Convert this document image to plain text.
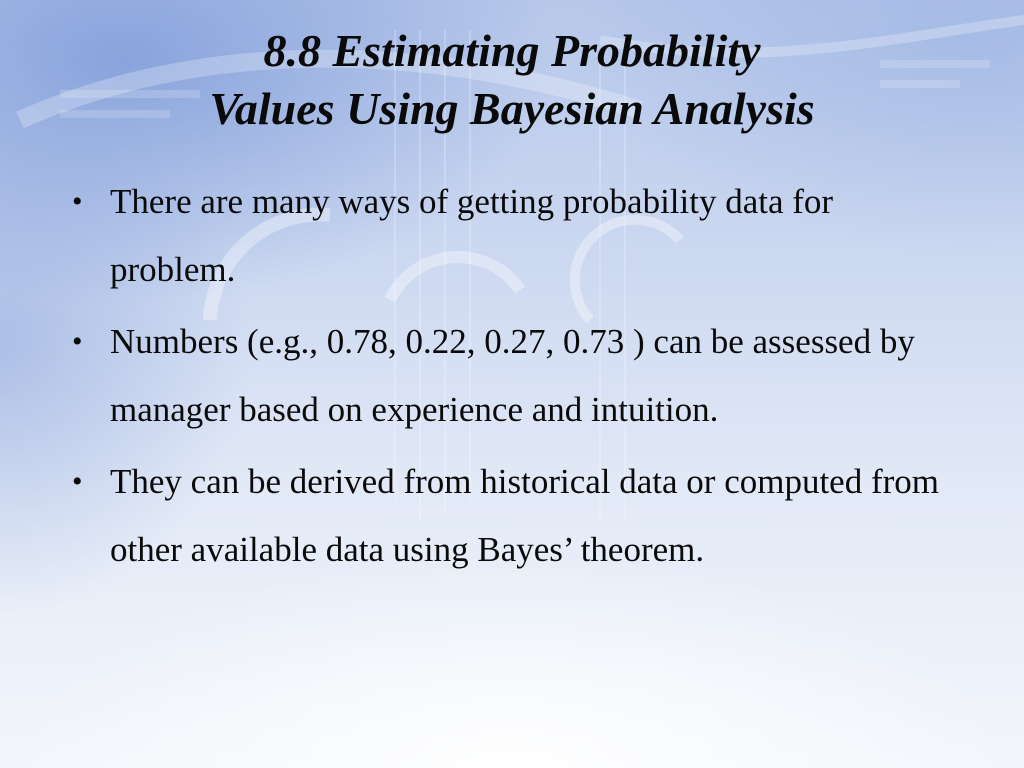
8.8 Estimating Probability
Values Using Bayesian Analysis
• There are many ways of getting probability data for problem.
• Numbers (e.g., 0.78, 0.22, 0.27, 0.73 ) can be assessed by manager based on experience and intuition.
• They can be derived from historical data or computed from other available data using Bayes’ theorem.
